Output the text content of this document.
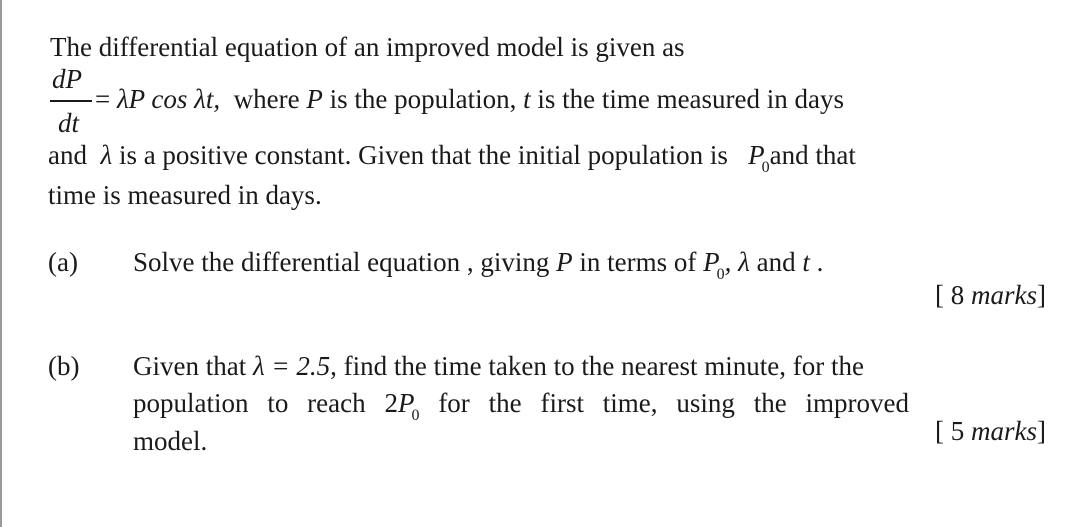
The differential equation of an improved model is given as
dP
dt
= λP cos λt, where P is the population, t is the time measured in days
and λ is a positive constant. Given that the initial population is $P_0and$ that
time is measured in days.
(a) Solve the differential equation , giving P in terms of $P_0$, λ and t .
[ 8 marks]
(b) Given that λ = 2.5, find the time taken to the nearest minute, for the
population to reach $2P_0$ for the first time, using the improved
model.	[ 5 marks]
